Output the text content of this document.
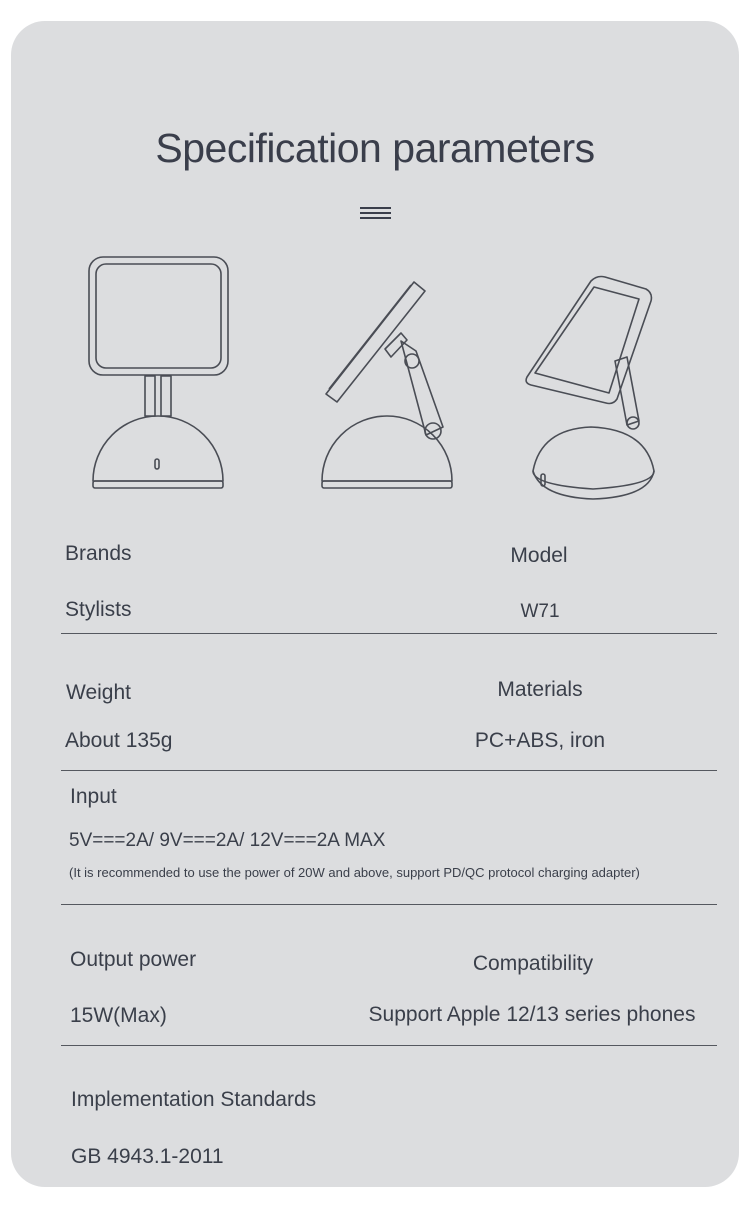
Specification parameters
Brands	Model
Stylists	W71
Weight	Materials
About 135g	PC+ABS, iron
Input
5V===2A/ 9V===2A/ 12V===2A MAX
(It is recommended to use the power of 20W and above, support PD/QC protocol charging adapter)
Output power	Compatibility
15W(Max)	Support Apple 12/13 series phones
Implementation Standards
GB 4943.1-2011
